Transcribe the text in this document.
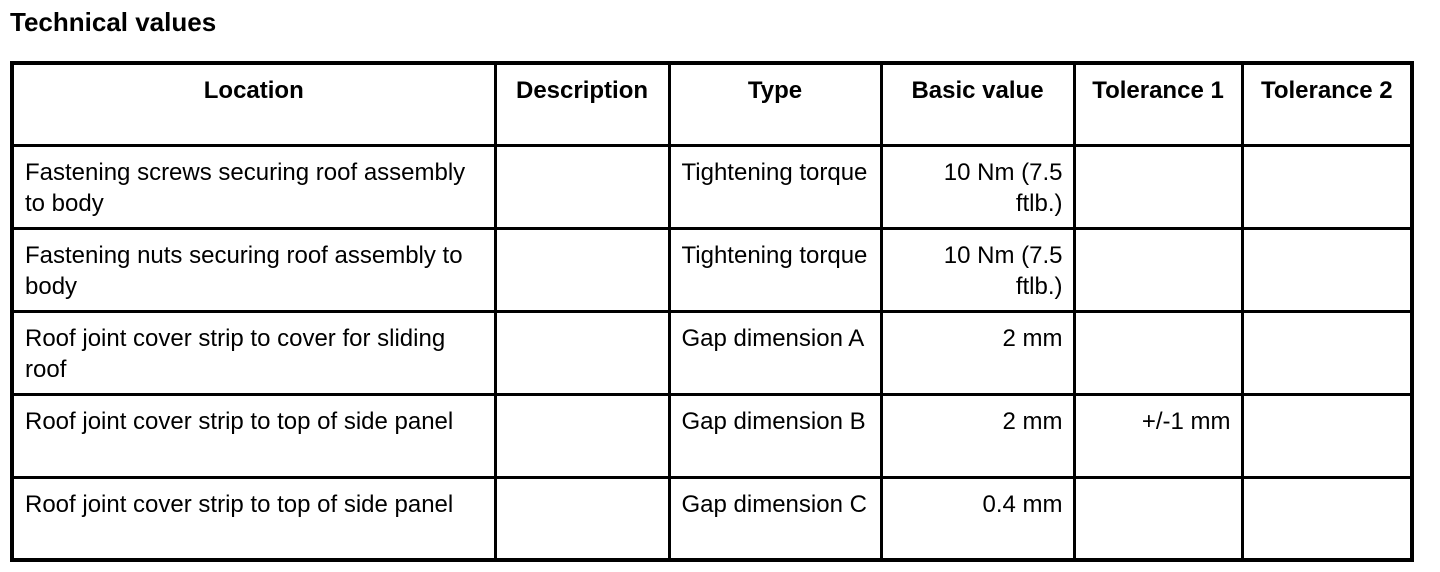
Technical values
Location	Description	Type	Basic value	Tolerance 1	Tolerance 2
Fastening screws securing roof assembly to body		Tightening torque	10 Nm (7.5 ftlb.)		
Fastening nuts securing roof assembly to body		Tightening torque	10 Nm (7.5 ftlb.)		
Roof joint cover strip to cover for sliding roof		Gap dimension A	2 mm		
Roof joint cover strip to top of side panel		Gap dimension B	2 mm	+/-1 mm	
Roof joint cover strip to top of side panel		Gap dimension C	0.4 mm		
